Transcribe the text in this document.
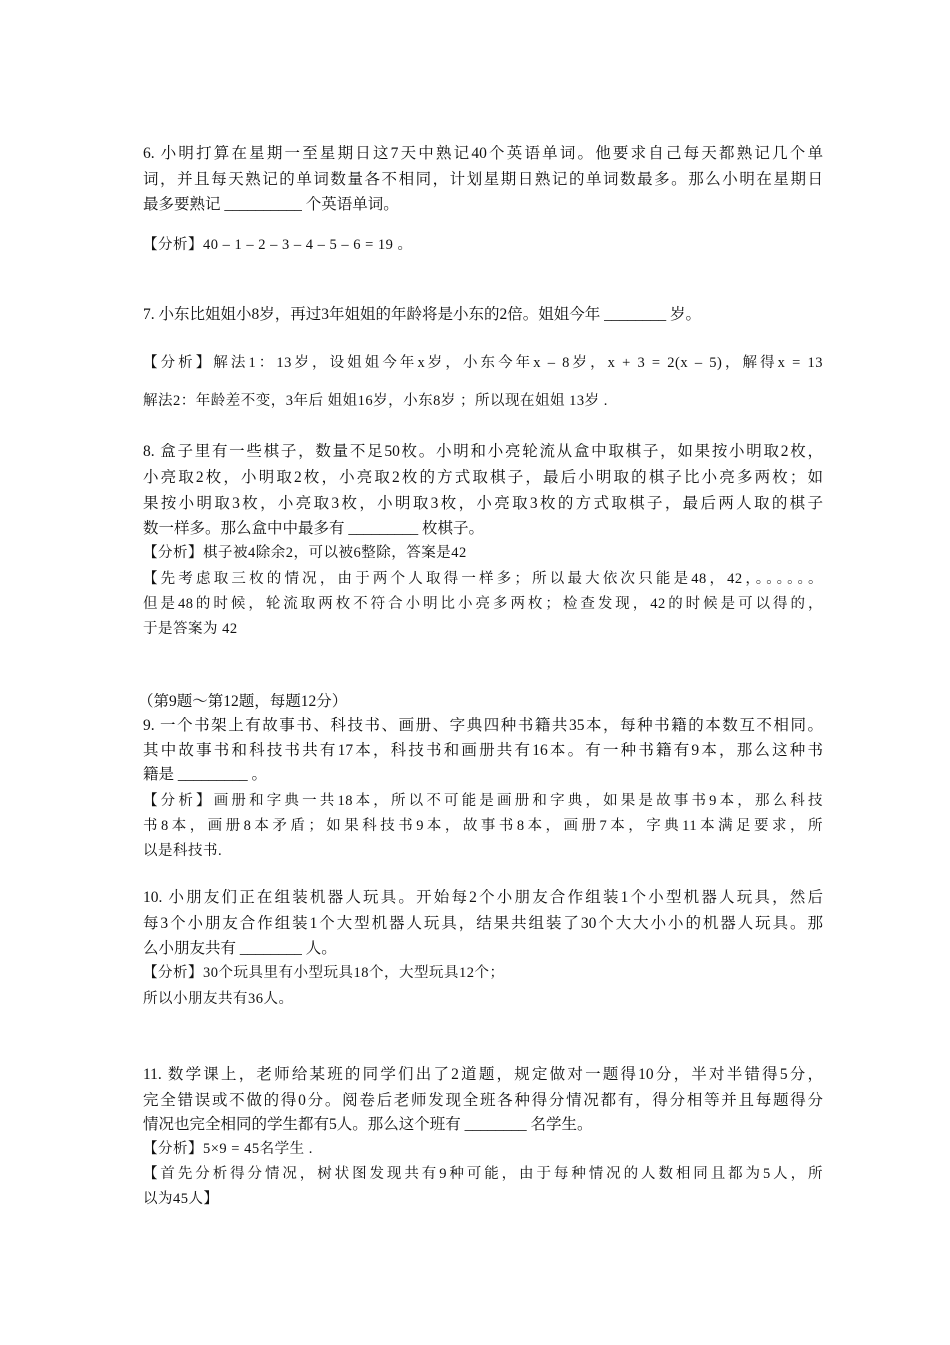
（第9题～第12题，每题12分）
6. 小明打算在星期一至星期日这7天中熟记40个英语单词。他要求自己每天都熟记几个单
词，并且每天熟记的单词数量各不相同，计划星期日熟记的单词数最多。那么小明在星期日
最多要熟记 __________ 个英语单词。
【分析】40 – 1 – 2 – 3 – 4 – 5 – 6 = 19 。
7. 小东比姐姐小8岁，再过3年姐姐的年龄将是小东的2倍。姐姐今年 ________ 岁。
【分析】解法1：13岁，设姐姐今年x岁，小东今年x – 8岁，x + 3 = 2(x – 5)，解得x = 13
解法2：年龄差不变，3年后 姐姐16岁，小东8岁 ；所以现在姐姐 13岁 .
8. 盒子里有一些棋子，数量不足50枚。小明和小亮轮流从盒中取棋子，如果按小明取2枚，
小亮取2枚，小明取2枚，小亮取2枚的方式取棋子，最后小明取的棋子比小亮多两枚；如
果按小明取3枚，小亮取3枚，小明取3枚，小亮取3枚的方式取棋子，最后两人取的棋子
数一样多。那么盒中中最多有 _________ 枚棋子。
【分析】棋子被4除余2，可以被6整除，答案是42
【先考虑取三枚的情况，由于两个人取得一样多；所以最大依次只能是48，42，。。。。。。
但是48的时候，轮流取两枚不符合小明比小亮多两枚；检查发现，42的时候是可以得的，
于是答案为 42
9. 一个书架上有故事书、科技书、画册、字典四种书籍共35本，每种书籍的本数互不相同。
其中故事书和科技书共有17本，科技书和画册共有16本。有一种书籍有9本，那么这种书
籍是 _________ 。
【分析】画册和字典一共18本，所以不可能是画册和字典，如果是故事书9本，那么科技
书8本，画册8本矛盾；如果科技书9本，故事书8本，画册7本，字典11本满足要求，所
以是科技书.
10. 小朋友们正在组装机器人玩具。开始每2个小朋友合作组装1个小型机器人玩具，然后
每3个小朋友合作组装1个大型机器人玩具，结果共组装了30个大大小小的机器人玩具。那
么小朋友共有 ________ 人。
【分析】30个玩具里有小型玩具18个，大型玩具12个；
所以小朋友共有36人。
11. 数学课上，老师给某班的同学们出了2道题，规定做对一题得10分，半对半错得5分，
完全错误或不做的得0分。阅卷后老师发现全班各种得分情况都有，得分相等并且每题得分
情况也完全相同的学生都有5人。那么这个班有 ________ 名学生。
【分析】5×9 = 45名学生 .
【首先分析得分情况，树状图发现共有9种可能，由于每种情况的人数相同且都为5人，所
以为45人】
